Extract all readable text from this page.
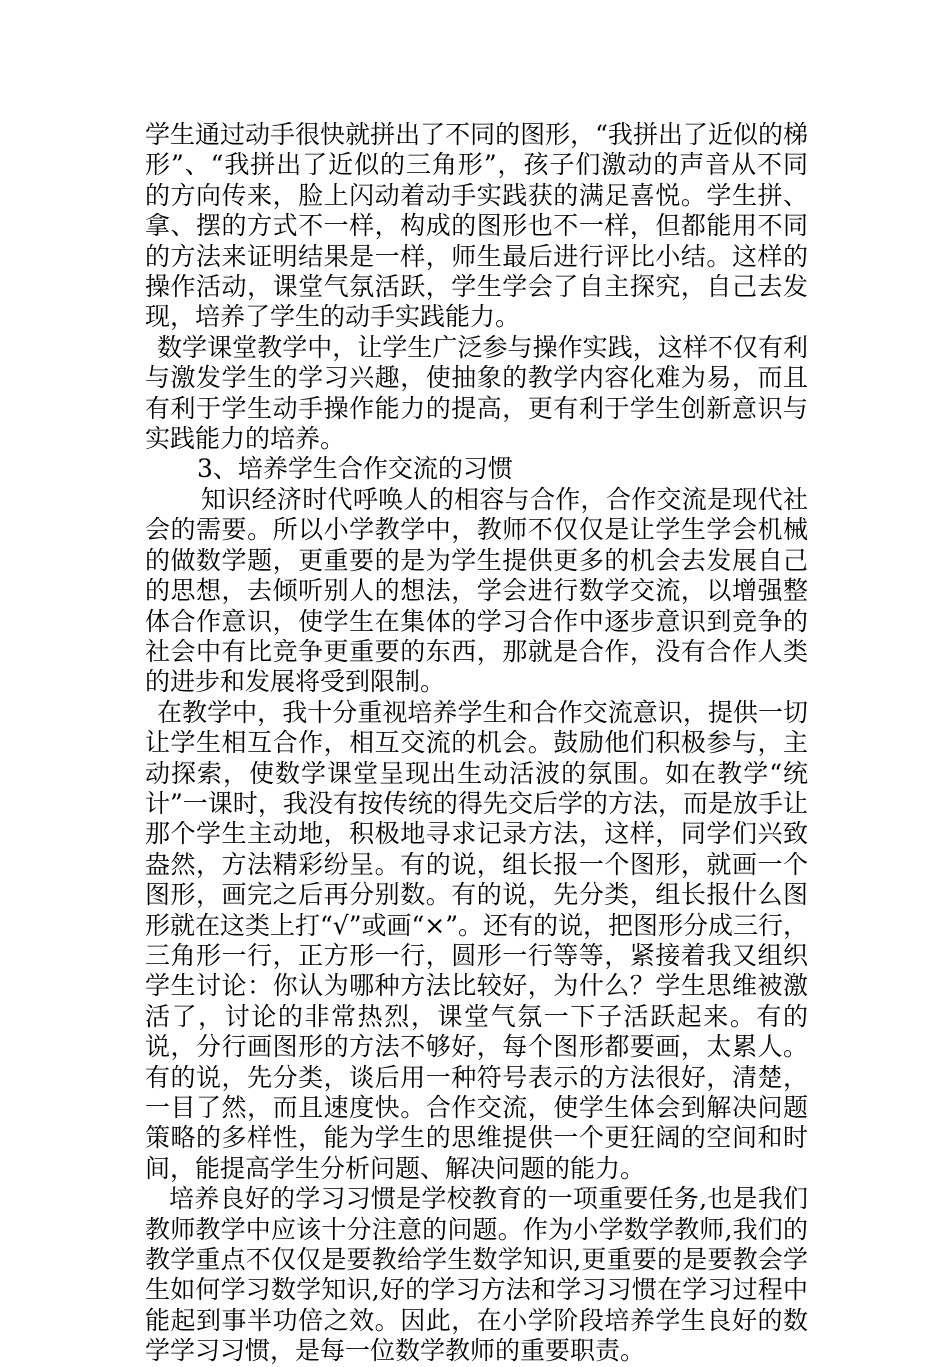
学生通过动手很快就拼出了不同的图形，“我拼出了近似的梯形”、“我拼出了近似的三角形”，孩子们激动的声音从不同的方向传来，脸上闪动着动手实践获的满足喜悦。学生拼、拿、摆的方式不一样，构成的图形也不一样，但都能用不同的方法来证明结果是一样，师生最后进行评比小结。这样的操作活动，课堂气氛活跃，学生学会了自主探究，自己去发现，培养了学生的动手实践能力。

数学课堂教学中，让学生广泛参与操作实践，这样不仅有利与激发学生的学习兴趣，使抽象的教学内容化难为易，而且有利于学生动手操作能力的提高，更有利于学生创新意识与实践能力的培养。

3、培养学生合作交流的习惯

知识经济时代呼唤人的相容与合作，合作交流是现代社会的需要。所以小学教学中，教师不仅仅是让学生学会机械的做数学题，更重要的是为学生提供更多的机会去发展自己的思想，去倾听别人的想法，学会进行数学交流，以增强整体合作意识，使学生在集体的学习合作中逐步意识到竞争的社会中有比竞争更重要的东西，那就是合作，没有合作人类的进步和发展将受到限制。

在教学中，我十分重视培养学生和合作交流意识，提供一切让学生相互合作，相互交流的机会。鼓励他们积极参与，主动探索，使数学课堂呈现出生动活波的氛围。如在教学“统计”一课时，我没有按传统的得先交后学的方法，而是放手让那个学生主动地，积极地寻求记录方法，这样，同学们兴致盎然，方法精彩纷呈。有的说，组长报一个图形，就画一个图形，画完之后再分别数。有的说，先分类，组长报什么图形就在这类上打“√”或画“×”。还有的说，把图形分成三行，三角形一行，正方形一行，圆形一行等等，紧接着我又组织学生讨论：你认为哪种方法比较好，为什么？学生思维被激活了，讨论的非常热烈，课堂气氛一下子活跃起来。有的说，分行画图形的方法不够好，每个图形都要画，太累人。有的说，先分类，谈后用一种符号表示的方法很好，清楚，一目了然，而且速度快。合作交流，使学生体会到解决问题策略的多样性，能为学生的思维提供一个更狂阔的空间和时间，能提高学生分析问题、解决问题的能力。

培养良好的学习习惯是学校教育的一项重要任务,也是我们教师教学中应该十分注意的问题。作为小学数学教师,我们的教学重点不仅仅是要教给学生数学知识,更重要的是要教会学生如何学习数学知识,好的学习方法和学习习惯在学习过程中能起到事半功倍之效。因此，在小学阶段培养学生良好的数学学习习惯，是每一位数学教师的重要职责。
